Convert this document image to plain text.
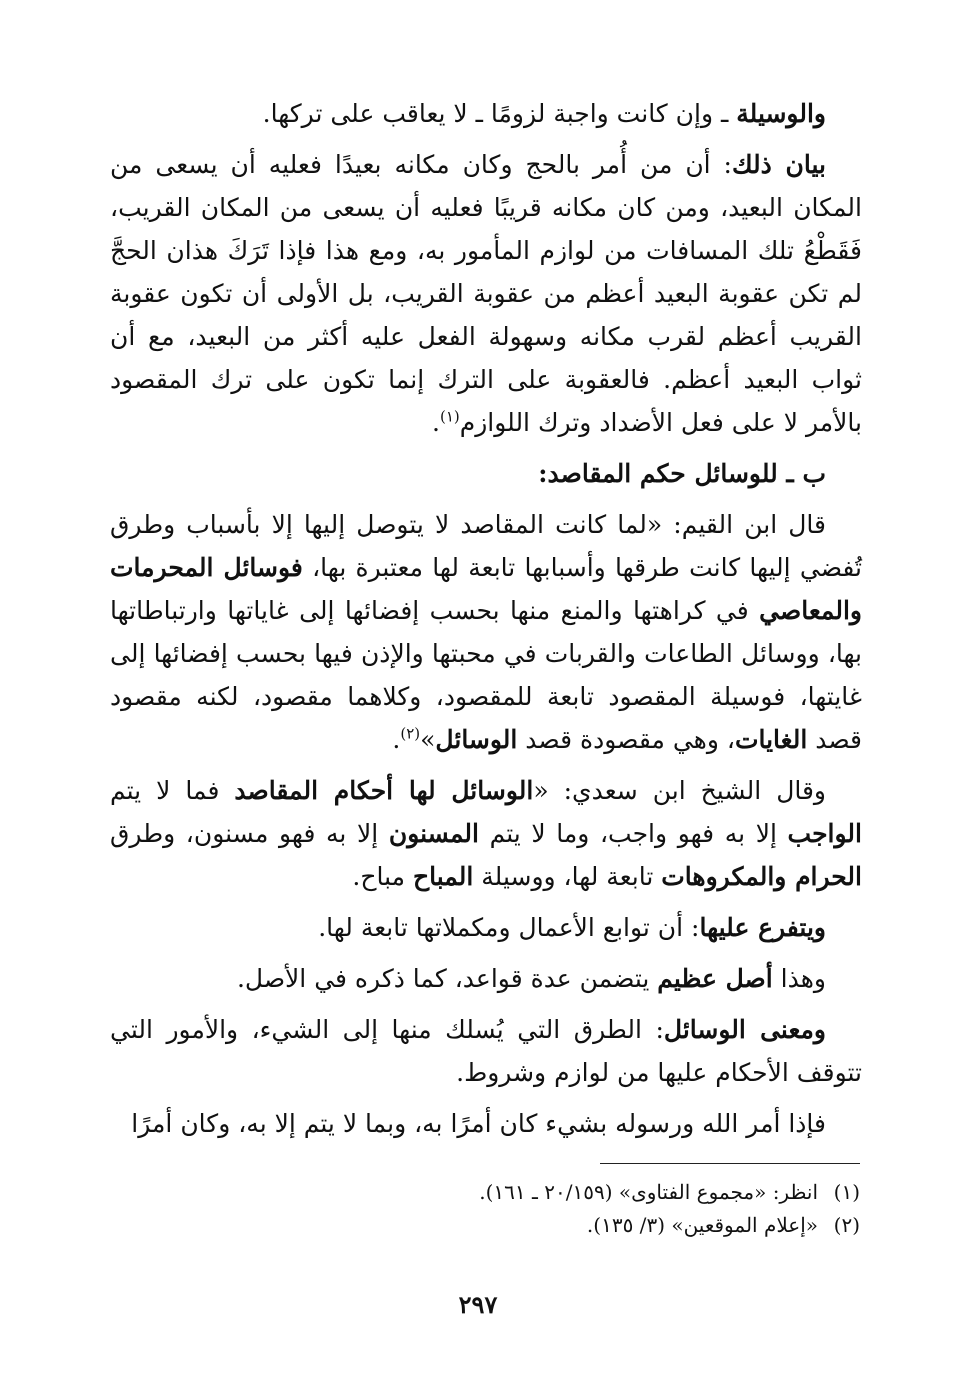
والوسيلة ـ وإن كانت واجبة لزومًا ـ لا يعاقب على تركها.

بيان ذلك: أن من أُمر بالحج وكان مكانه بعيدًا فعليه أن يسعى من المكان البعيد، ومن كان مكانه قريبًا فعليه أن يسعى من المكان القريب، فَقَطْعُ تلك المسافات من لوازم المأمور به، ومع هذا فإذا تَرَكَ هذان الحجَّ لم تكن عقوبة البعيد أعظم من عقوبة القريب، بل الأولى أن تكون عقوبة القريب أعظم لقرب مكانه وسهولة الفعل عليه أكثر من البعيد، مع أن ثواب البعيد أعظم. فالعقوبة على الترك إنما تكون على ترك المقصود بالأمر لا على فعل الأضداد وترك اللوازم$^{(١)}$.

ب ـ للوسائل حكم المقاصد:

قال ابن القيم: «لما كانت المقاصد لا يتوصل إليها إلا بأسباب وطرق تُفضي إليها كانت طرقها وأسبابها تابعة لها معتبرة بها، فوسائل المحرمات والمعاصي في كراهتها والمنع منها بحسب إفضائها إلى غاياتها وارتباطاتها بها، ووسائل الطاعات والقربات في محبتها والإذن فيها بحسب إفضائها إلى غايتها، فوسيلة المقصود تابعة للمقصود، وكلاهما مقصود، لكنه مقصود قصد الغايات، وهي مقصودة قصد الوسائل»$^{(٢)}$.

وقال الشيخ ابن سعدي: «الوسائل لها أحكام المقاصد فما لا يتم الواجب إلا به فهو واجب، وما لا يتم المسنون إلا به فهو مسنون، وطرق الحرام والمكروهات تابعة لها، ووسيلة المباح مباح.

ويتفرع عليها: أن توابع الأعمال ومكملاتها تابعة لها.

وهذا أصل عظيم يتضمن عدة قواعد، كما ذكره في الأصل.

ومعنى الوسائل: الطرق التي يُسلك منها إلى الشيء، والأمور التي تتوقف الأحكام عليها من لوازم وشروط.

فإذا أمر الله ورسوله بشيء كان أمرًا به، وبما لا يتم إلا به، وكان أمرًا

(١)انظر: «مجموع الفتاوى» (٢٠/١٥٩ ـ ١٦١).

(٢)«إعلام الموقعين» (٣/ ١٣٥).

٢٩٧
